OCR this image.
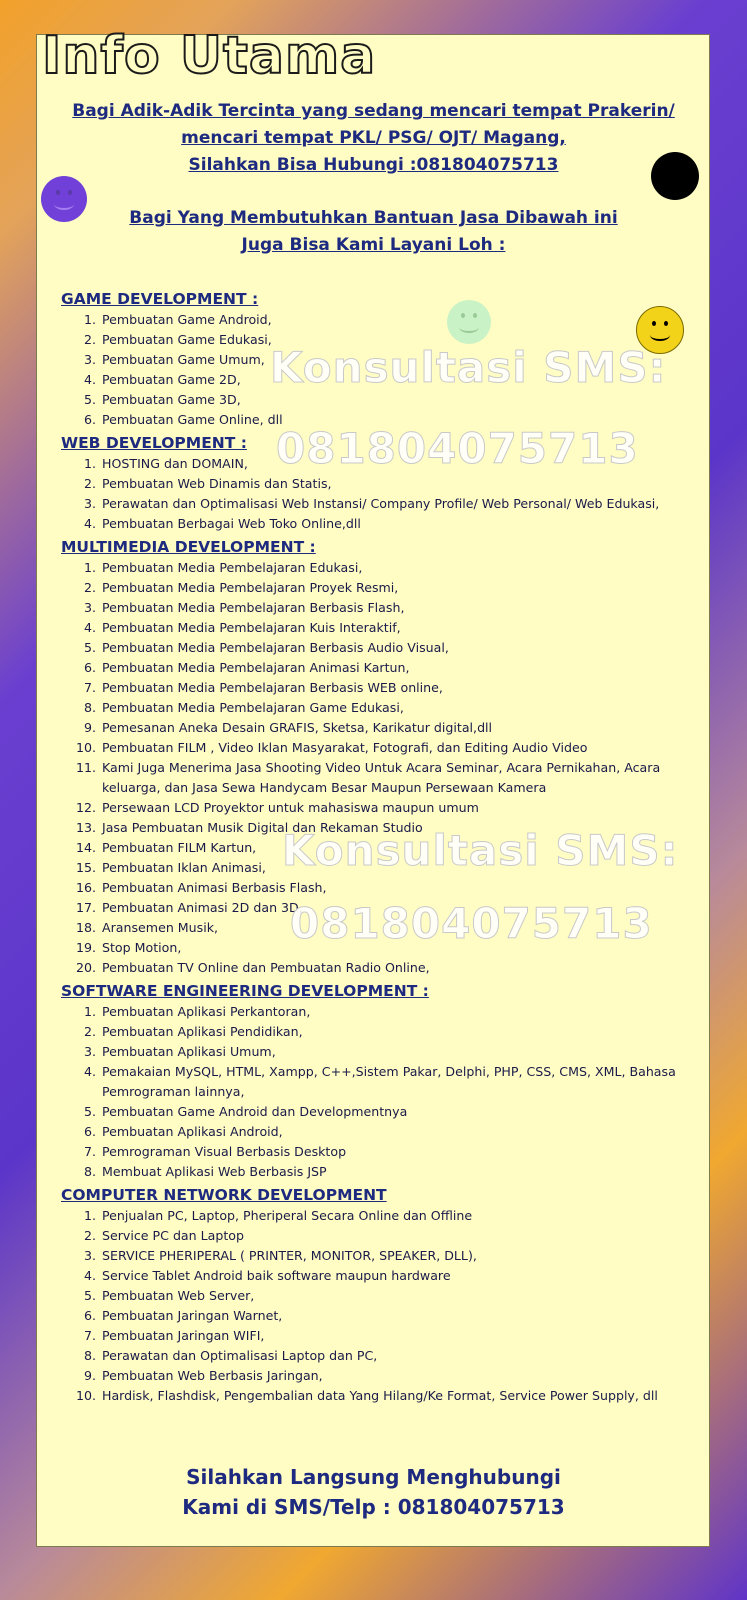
Info Utama
Bagi Adik-Adik Tercinta yang sedang mencari tempat Prakerin/
mencari tempat PKL/ PSG/ OJT/ Magang,
Silahkan Bisa Hubungi :081804075713
Bagi Yang Membutuhkan Bantuan Jasa Dibawah ini
Juga Bisa Kami Layani Loh :

GAME DEVELOPMENT :

1. Pembuatan Game Android,
2. Pembuatan Game Edukasi,
3. Pembuatan Game Umum,
4. Pembuatan Game 2D,
5. Pembuatan Game 3D,
6. Pembuatan Game Online, dll

WEB DEVELOPMENT :

1. HOSTING dan DOMAIN,
2. Pembuatan Web Dinamis dan Statis,
3. Perawatan dan Optimalisasi Web Instansi/ Company Profile/ Web Personal/ Web Edukasi,
4. Pembuatan Berbagai Web Toko Online,dll

MULTIMEDIA DEVELOPMENT :

1. Pembuatan Media Pembelajaran Edukasi,
2. Pembuatan Media Pembelajaran Proyek Resmi,
3. Pembuatan Media Pembelajaran Berbasis Flash,
4. Pembuatan Media Pembelajaran Kuis Interaktif,
5. Pembuatan Media Pembelajaran Berbasis Audio Visual,
6. Pembuatan Media Pembelajaran Animasi Kartun,
7. Pembuatan Media Pembelajaran Berbasis WEB online,
8. Pembuatan Media Pembelajaran Game Edukasi,
9. Pemesanan Aneka Desain GRAFIS, Sketsa, Karikatur digital,dll
10. Pembuatan FILM , Video Iklan Masyarakat, Fotografi, dan Editing Audio Video
11. Kami Juga Menerima Jasa Shooting Video Untuk Acara Seminar, Acara Pernikahan, Acara keluarga, dan Jasa Sewa Handycam Besar Maupun Persewaan Kamera
12. Persewaan LCD Proyektor untuk mahasiswa maupun umum
13. Jasa Pembuatan Musik Digital dan Rekaman Studio
14. Pembuatan FILM Kartun,
15. Pembuatan Iklan Animasi,
16. Pembuatan Animasi Berbasis Flash,
17. Pembuatan Animasi 2D dan 3D,
18. Aransemen Musik,
19. Stop Motion,
20. Pembuatan TV Online dan Pembuatan Radio Online,

SOFTWARE ENGINEERING DEVELOPMENT :

1. Pembuatan Aplikasi Perkantoran,
2. Pembuatan Aplikasi Pendidikan,
3. Pembuatan Aplikasi Umum,
4. Pemakaian MySQL, HTML, Xampp, C++,Sistem Pakar, Delphi, PHP, CSS, CMS, XML, Bahasa Pemrograman lainnya,
5. Pembuatan Game Android dan Developmentnya
6. Pembuatan Aplikasi Android,
7. Pemrograman Visual Berbasis Desktop
8. Membuat Aplikasi Web Berbasis JSP

COMPUTER NETWORK DEVELOPMENT

1. Penjualan PC, Laptop, Pheriperal Secara Online dan Offline
2. Service PC dan Laptop
3. SERVICE PHERIPERAL ( PRINTER, MONITOR, SPEAKER, DLL),
4. Service Tablet Android baik software maupun hardware
5. Pembuatan Web Server,
6. Pembuatan Jaringan Warnet,
7. Pembuatan Jaringan WIFI,
8. Perawatan dan Optimalisasi Laptop dan PC,
9. Pembuatan Web Berbasis Jaringan,
10. Hardisk, Flashdisk, Pengembalian data Yang Hilang/Ke Format, Service Power Supply, dll
Konsultasi SMS:
081804075713
Konsultasi SMS:
081804075713
Silahkan Langsung Menghubungi
Kami di SMS/Telp : 081804075713
